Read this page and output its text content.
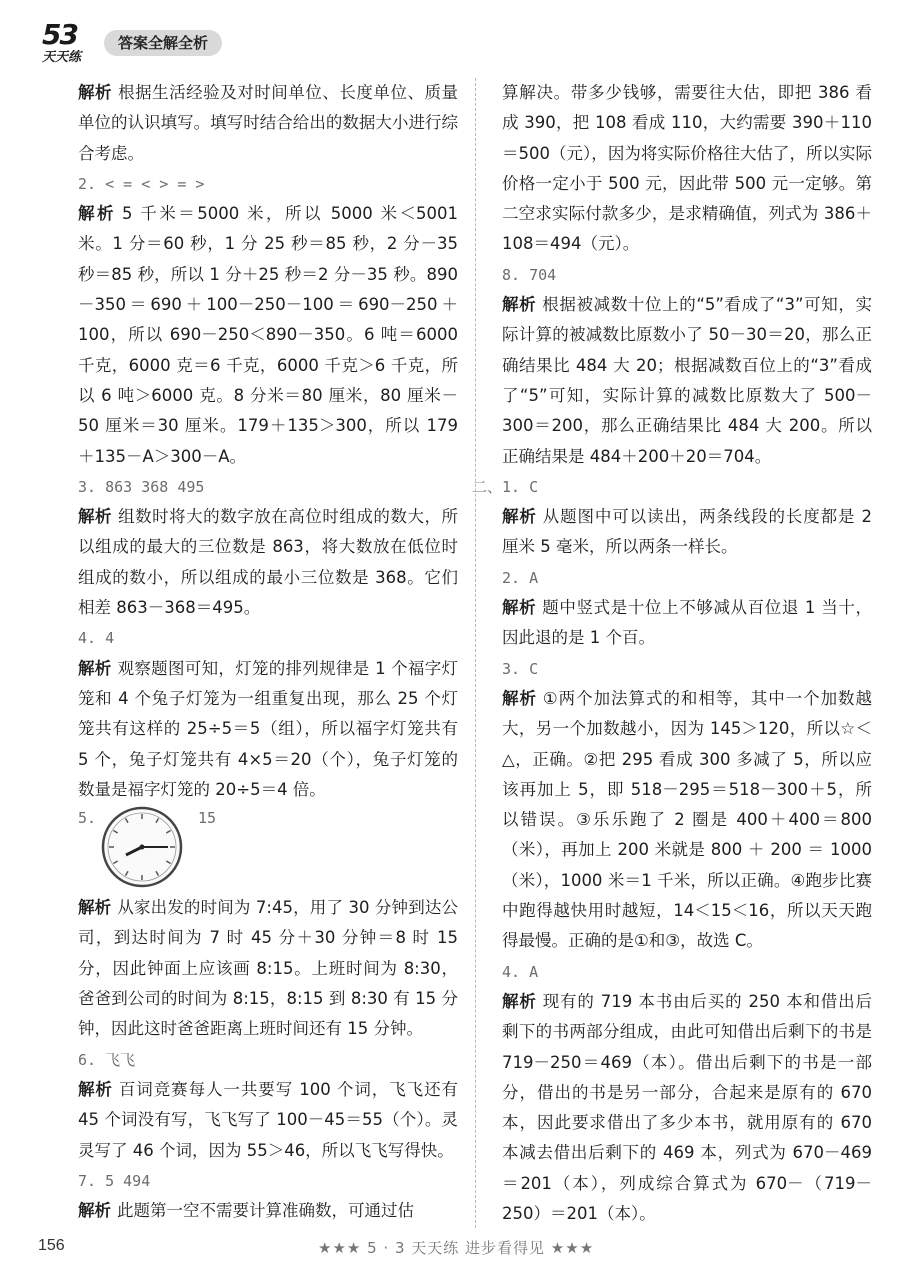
53
天天练
答案全解全析

解析 根据生活经验及对时间单位、长度单位、质量单位的认识填写。填写时结合给出的数据大小进行综合考虑。

2. < = < > = >

解析 5 千米＝5000 米，所以 5000 米＜5001 米。1 分＝60 秒，1 分 25 秒＝85 秒，2 分－35 秒＝85 秒，所以 1 分＋25 秒＝2 分－35 秒。890－350＝690＋100－250－100＝690－250＋100，所以 690－250＜890－350。6 吨＝6000 千克，6000 克＝6 千克，6000 千克＞6 千克，所以 6 吨＞6000 克。8 分米＝80 厘米，80 厘米－50 厘米＝30 厘米。179＋135＞300，所以 179＋135－A＞300－A。

3. 863 368 495

解析 组数时将大的数字放在高位时组成的数大，所以组成的最大的三位数是 863，将大数放在低位时组成的数小，所以组成的最小三位数是 368。它们相差 863－368＝495。

4. 4

解析 观察题图可知，灯笼的排列规律是 1 个福字灯笼和 4 个兔子灯笼为一组重复出现，那么 25 个灯笼共有这样的 25÷5＝5（组），所以福字灯笼共有 5 个，兔子灯笼共有 4×5＝20（个），兔子灯笼的数量是福字灯笼的 20÷5＝4 倍。

5.	15

解析 从家出发的时间为 7:45，用了 30 分钟到达公司，到达时间为 7 时 45 分＋30 分钟＝8 时 15 分，因此钟面上应该画 8:15。上班时间为 8:30，爸爸到公司的时间为 8:15，8:15 到 8:30 有 15 分钟，因此这时爸爸距离上班时间还有 15 分钟。

6. 飞飞

解析 百词竞赛每人一共要写 100 个词，飞飞还有 45 个词没有写，飞飞写了 100－45＝55（个）。灵灵写了 46 个词，因为 55＞46，所以飞飞写得快。

7. 5 494

解析 此题第一空不需要计算准确数，可通过估

算解决。带多少钱够，需要往大估，即把 386 看成 390，把 108 看成 110，大约需要 390＋110＝500（元），因为将实际价格往大估了，所以实际价格一定小于 500 元，因此带 500 元一定够。第二空求实际付款多少，是求精确值，列式为 386＋108＝494（元）。

8. 704

解析 根据被减数十位上的“5”看成了“3”可知，实际计算的被减数比原数小了 50－30＝20，那么正确结果比 484 大 20；根据减数百位上的“3”看成了“5”可知，实际计算的减数比原数大了 500－300＝200，那么正确结果比 484 大 200。所以正确结果是 484＋200＋20＝704。

二、 1. C

解析 从题图中可以读出，两条线段的长度都是 2 厘米 5 毫米，所以两条一样长。

2. A

解析 题中竖式是十位上不够减从百位退 1 当十，因此退的是 1 个百。

3. C

解析 ①两个加法算式的和相等，其中一个加数越大，另一个加数越小，因为 145＞120，所以☆＜△，正确。②把 295 看成 300 多减了 5，所以应该再加上 5，即 518－295＝518－300＋5，所以错误。③乐乐跑了 2 圈是 400＋400＝800（米），再加上 200 米就是 800 ＋ 200 ＝ 1000（米），1000 米＝1 千米，所以正确。④跑步比赛中跑得越快用时越短，14＜15＜16，所以天天跑得最慢。正确的是①和③，故选 C。

4. A

解析 现有的 719 本书由后买的 250 本和借出后剩下的书两部分组成，由此可知借出后剩下的书是 719－250＝469（本）。借出后剩下的书是一部分，借出的书是另一部分，合起来是原有的 670 本，因此要求借出了多少本书，就用原有的 670 本减去借出后剩下的 469 本，列式为 670－469＝201（本），列成综合算式为 670－（719－250）＝201（本）。

156	★★★ 5 · 3 天天练 进步看得见 ★★★
